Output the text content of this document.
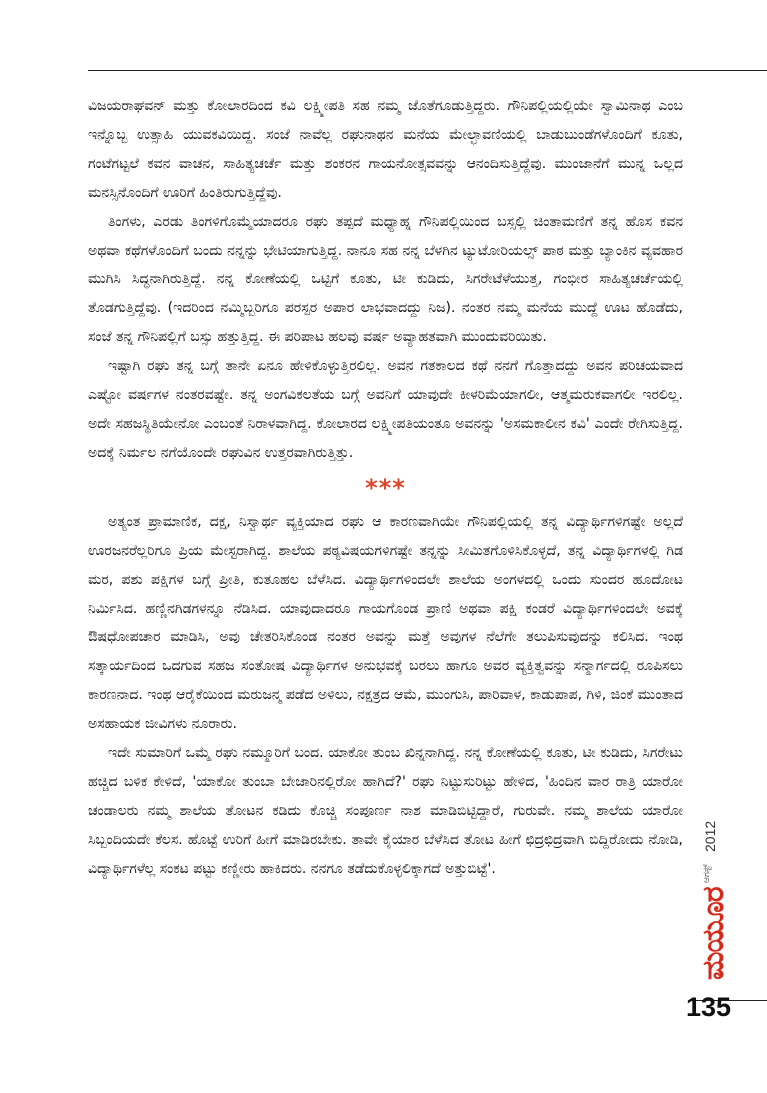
ವಿಜಯರಾಘವನ್ ಮತ್ತು ಕೋಲಾರದಿಂದ ಕವಿ ಲಕ್ಷ್ಮೀಪತಿ ಸಹ ನಮ್ಮ ಜೊತೆಗೂಡುತ್ತಿದ್ದರು. ಗೌನಿಪಲ್ಲಿಯಲ್ಲಿಯೇ ಸ್ವಾಮಿನಾಥ ಎಂಬ ಇನ್ನೊಬ್ಬ ಉತ್ಸಾಹಿ ಯುವಕವಿಯಿದ್ದ. ಸಂಜೆ ನಾವೆಲ್ಲ ರಘುನಾಥನ ಮನೆಯ ಮೇಲ್ಛಾವಣಿಯಲ್ಲಿ ಬಾಡುಬುಂಡೆಗಳೊಂದಿಗೆ ಕೂತು, ಗಂಟೆಗಟ್ಟಲೆ ಕವನ ವಾಚನ, ಸಾಹಿತ್ಯಚರ್ಚೆ ಮತ್ತು ಶಂಕರನ ಗಾಯನೋತ್ಸವವನ್ನು ಆನಂದಿಸುತ್ತಿದ್ದೆವು. ಮುಂಜಾನೆಗೆ ಮುನ್ನ ಒಲ್ಲದ ಮನಸ್ಸಿನೊಂದಿಗೆ ಊರಿಗೆ ಹಿಂತಿರುಗುತ್ತಿದ್ದೆವು.

ತಿಂಗಳು, ಎರಡು ತಿಂಗಳಿಗೊಮ್ಮೆಯಾದರೂ ರಘು ತಪ್ಪದೆ ಮಧ್ಯಾಹ್ನ ಗೌನಿಪಲ್ಲಿಯಿಂದ ಬಸ್ಸಲ್ಲಿ ಚಿಂತಾಮಣಿಗೆ ತನ್ನ ಹೊಸ ಕವನ ಅಥವಾ ಕಥೆಗಳೊಂದಿಗೆ ಬಂದು ನನ್ನನ್ನು ಭೇಟಿಯಾಗುತ್ತಿದ್ದ. ನಾನೂ ಸಹ ನನ್ನ ಬೆಳಗಿನ ಟ್ಯುಟೋರಿಯಲ್ಸ್ ಪಾಠ ಮತ್ತು ಬ್ಯಾಂಕಿನ ವ್ಯವಹಾರ ಮುಗಿಸಿ ಸಿದ್ಧನಾಗಿರುತ್ತಿದ್ದೆ. ನನ್ನ ಕೋಣೆಯಲ್ಲಿ ಒಟ್ಟಿಗೆ ಕೂತು, ಟೀ ಕುಡಿದು, ಸಿಗರೇಟೆಳೆಯುತ್ತ, ಗಂಭೀರ ಸಾಹಿತ್ಯಚರ್ಚೆಯಲ್ಲಿ ತೊಡಗುತ್ತಿದ್ದೆವು. (ಇದರಿಂದ ನಮ್ಮಿಬ್ಬರಿಗೂ ಪರಸ್ಪರ ಅಪಾರ ಲಾಭವಾದದ್ದು ನಿಜ). ನಂತರ ನಮ್ಮ ಮನೆಯ ಮುದ್ದೆ ಊಟ ಹೊಡೆದು, ಸಂಜೆ ತನ್ನ ಗೌನಿಪಲ್ಲಿಗೆ ಬಸ್ಸು ಹತ್ತುತ್ತಿದ್ದ. ಈ ಪರಿಪಾಟ ಹಲವು ವರ್ಷ ಅವ್ಯಾಹತವಾಗಿ ಮುಂದುವರಿಯಿತು.

ಇಷ್ಟಾಗಿ ರಘು ತನ್ನ ಬಗ್ಗೆ ತಾನೇ ಏನೂ ಹೇಳಿಕೊಳ್ಳುತ್ತಿರಲಿಲ್ಲ. ಅವನ ಗತಕಾಲದ ಕಥೆ ನನಗೆ ಗೊತ್ತಾದದ್ದು ಅವನ ಪರಿಚಯವಾದ ಎಷ್ಟೋ ವರ್ಷಗಳ ನಂತರವಷ್ಟೇ. ತನ್ನ ಅಂಗವಿಕಲತೆಯ ಬಗ್ಗೆ ಅವನಿಗೆ ಯಾವುದೇ ಕೀಳರಿಮೆಯಾಗಲೀ, ಆತ್ಮಮರುಕವಾಗಲೀ ಇರಲಿಲ್ಲ. ಅದೇ ಸಹಜಸ್ಥಿತಿಯೇನೋ ಎಂಬಂತೆ ನಿರಾಳವಾಗಿದ್ದ. ಕೋಲಾರದ ಲಕ್ಷ್ಮೀಪತಿಯಂತೂ ಅವನನ್ನು 'ಅಸಮಕಾಲೀನ ಕವಿ' ಎಂದೇ ರೇಗಿಸುತ್ತಿದ್ದ. ಅದಕ್ಕೆ ನಿರ್ಮಲ ನಗೆಯೊಂದೇ ರಘುವಿನ ಉತ್ತರವಾಗಿರುತ್ತಿತ್ತು.

***

ಅತ್ಯಂತ ಪ್ರಾಮಾಣಿಕ, ದಕ್ಷ, ನಿಸ್ವಾರ್ಥ ವ್ಯಕ್ತಿಯಾದ ರಘು ಆ ಕಾರಣವಾಗಿಯೇ ಗೌನಿಪಲ್ಲಿಯಲ್ಲಿ ತನ್ನ ವಿದ್ಯಾರ್ಥಿಗಳಿಗಷ್ಟೇ ಅಲ್ಲದೆ ಊರಜನರೆಲ್ಲರಿಗೂ ಪ್ರಿಯ ಮೇಸ್ಟರಾಗಿದ್ದ. ಶಾಲೆಯ ಪಠ್ಯವಿಷಯಗಳಿಗಷ್ಟೇ ತನ್ನನ್ನು ಸೀಮಿತಗೊಳಿಸಿಕೊಳ್ಳದೆ, ತನ್ನ ವಿದ್ಯಾರ್ಥಿಗಳಲ್ಲಿ ಗಿಡ ಮರ, ಪಶು ಪಕ್ಷಿಗಳ ಬಗ್ಗೆ ಪ್ರೀತಿ, ಕುತೂಹಲ ಬೆಳೆಸಿದ. ವಿದ್ಯಾರ್ಥಿಗಳಿಂದಲೇ ಶಾಲೆಯ ಅಂಗಳದಲ್ಲಿ ಒಂದು ಸುಂದರ ಹೂದೋಟ ನಿರ್ಮಿಸಿದ. ಹಣ್ಣಿನಗಿಡಗಳನ್ನೂ ನೆಡಿಸಿದ. ಯಾವುದಾದರೂ ಗಾಯಗೊಂಡ ಪ್ರಾಣಿ ಅಥವಾ ಪಕ್ಷಿ ಕಂಡರೆ ವಿದ್ಯಾರ್ಥಿಗಳಿಂದಲೇ ಅವಕ್ಕೆ ಔಷಧೋಪಚಾರ ಮಾಡಿಸಿ, ಅವು ಚೇತರಿಸಿಕೊಂಡ ನಂತರ ಅವನ್ನು ಮತ್ತೆ ಅವುಗಳ ನೆಲೆಗೇ ತಲುಪಿಸುವುದನ್ನು ಕಲಿಸಿದ. ಇಂಥ ಸತ್ಕಾರ್ಯದಿಂದ ಒದಗುವ ಸಹಜ ಸಂತೋಷ ವಿದ್ಯಾರ್ಥಿಗಳ ಅನುಭವಕ್ಕೆ ಬರಲು ಹಾಗೂ ಅವರ ವ್ಯಕ್ತಿತ್ವವನ್ನು ಸನ್ಮಾರ್ಗದಲ್ಲಿ ರೂಪಿಸಲು ಕಾರಣನಾದ. ಇಂಥ ಆರೈಕೆಯಿಂದ ಮರುಜನ್ಮ ಪಡೆದ ಅಳಿಲು, ನಕ್ಷತ್ರದ ಆಮೆ, ಮುಂಗುಸಿ, ಪಾರಿವಾಳ, ಕಾಡುಪಾಪ, ಗಿಳಿ, ಜಿಂಕೆ ಮುಂತಾದ ಅಸಹಾಯಕ ಜೀವಿಗಳು ನೂರಾರು.

ಇದೇ ಸುಮಾರಿಗೆ ಒಮ್ಮೆ ರಘು ನಮ್ಮೂರಿಗೆ ಬಂದ. ಯಾಕೋ ತುಂಬ ಖಿನ್ನನಾಗಿದ್ದ. ನನ್ನ ಕೋಣೆಯಲ್ಲಿ ಕೂತು, ಟೀ ಕುಡಿದು, ಸಿಗರೇಟು ಹಚ್ಚಿದ ಬಳಿಕ ಕೇಳಿದೆ, 'ಯಾಕೋ ತುಂಬಾ ಬೇಜಾರಿನಲ್ಲಿರೋ ಹಾಗಿದೆ?' ರಘು ನಿಟ್ಟುಸುರಿಟ್ಟು ಹೇಳಿದ, 'ಹಿಂದಿನ ವಾರ ರಾತ್ರಿ ಯಾರೋ ಚಂಡಾಲರು ನಮ್ಮ ಶಾಲೆಯ ತೋಟನ ಕಡಿದು ಕೊಚ್ಚಿ ಸಂಪೂರ್ಣ ನಾಶ ಮಾಡಿಬಿಟ್ಟಿದ್ದಾರೆ, ಗುರುವೇ. ನಮ್ಮ ಶಾಲೆಯ ಯಾರೋ ಸಿಬ್ಬಂದಿಯದೇ ಕೆಲಸ. ಹೊಟ್ಟೆ ಉರಿಗೆ ಹೀಗೆ ಮಾಡಿರಬೇಕು. ತಾವೇ ಕೈಯಾರ ಬೆಳೆಸಿದ ತೋಟ ಹೀಗೆ ಛಿದ್ರಛಿದ್ರವಾಗಿ ಬಿದ್ದಿರೋದು ನೋಡಿ, ವಿದ್ಯಾರ್ಥಿಗಳೆಲ್ಲ ಸಂಕಟ ಪಟ್ಟು ಕಣ್ಣೀರು ಹಾಕಿದರು. ನನಗೂ ತಡೆದುಕೊಳ್ಳಲಿಕ್ಕಾಗದೆ ಅತ್ತುಬಿಟ್ಟೆ'.

2012
ಆಗಸ್ಟ್
ಮಯೂರ
135
